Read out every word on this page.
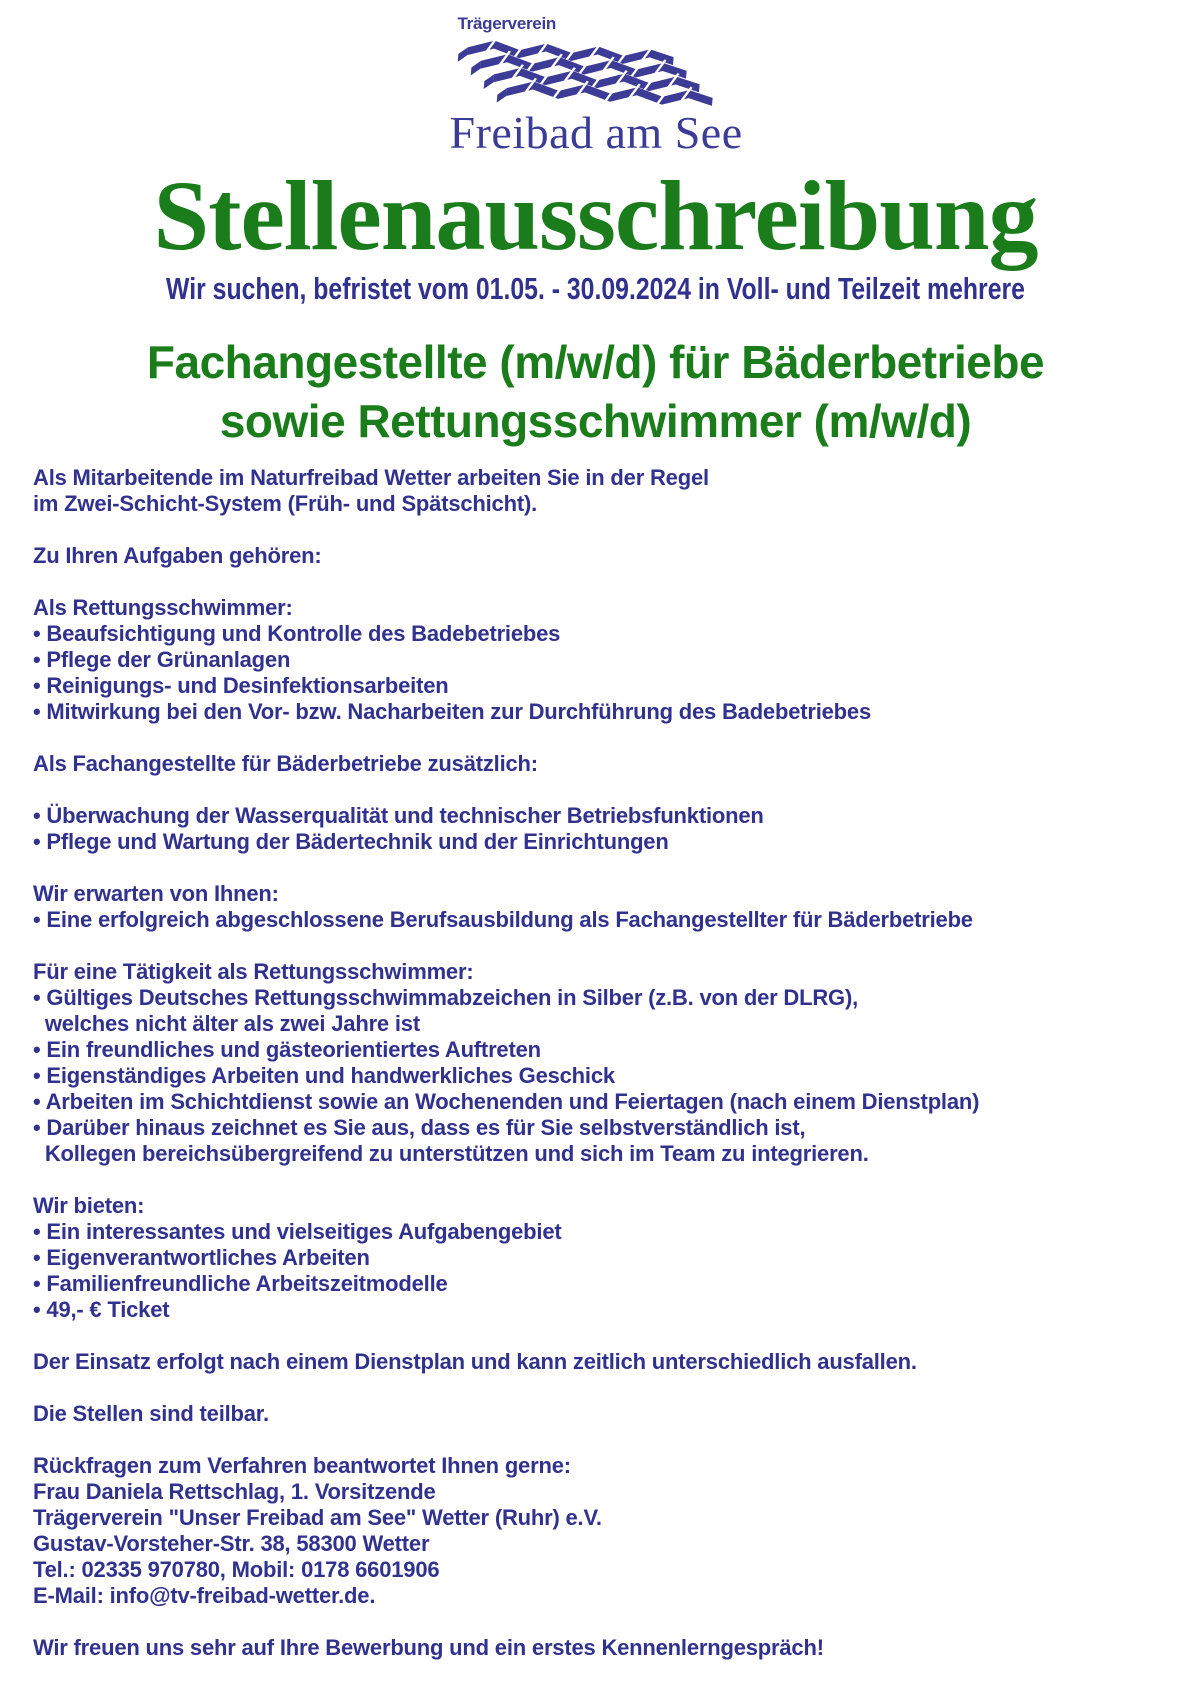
Trägerverein
Freibad am See
Stellenausschreibung
Wir suchen, befristet vom 01.05. - 30.09.2024 in Voll- und Teilzeit mehrere
Fachangestellte (m/w/d) für Bäderbetriebe
sowie Rettungsschwimmer (m/w/d)
Als Mitarbeitende im Naturfreibad Wetter arbeiten Sie in der Regel
im Zwei-Schicht-System (Früh- und Spätschicht).
Zu Ihren Aufgaben gehören:
Als Rettungsschwimmer:
• Beaufsichtigung und Kontrolle des Badebetriebes
• Pflege der Grünanlagen
• Reinigungs- und Desinfektionsarbeiten
• Mitwirkung bei den Vor- bzw. Nacharbeiten zur Durchführung des Badebetriebes
Als Fachangestellte für Bäderbetriebe zusätzlich:
• Überwachung der Wasserqualität und technischer Betriebsfunktionen
• Pflege und Wartung der Bädertechnik und der Einrichtungen
Wir erwarten von Ihnen:
• Eine erfolgreich abgeschlossene Berufsausbildung als Fachangestellter für Bäderbetriebe
Für eine Tätigkeit als Rettungsschwimmer:
• Gültiges Deutsches Rettungsschwimmabzeichen in Silber (z.B. von der DLRG),
welches nicht älter als zwei Jahre ist
• Ein freundliches und gästeorientiertes Auftreten
• Eigenständiges Arbeiten und handwerkliches Geschick
• Arbeiten im Schichtdienst sowie an Wochenenden und Feiertagen (nach einem Dienstplan)
• Darüber hinaus zeichnet es Sie aus, dass es für Sie selbstverständlich ist,
Kollegen bereichsübergreifend zu unterstützen und sich im Team zu integrieren.
Wir bieten:
• Ein interessantes und vielseitiges Aufgabengebiet
• Eigenverantwortliches Arbeiten
• Familienfreundliche Arbeitszeitmodelle
• 49,- € Ticket
Der Einsatz erfolgt nach einem Dienstplan und kann zeitlich unterschiedlich ausfallen.
Die Stellen sind teilbar.
Rückfragen zum Verfahren beantwortet Ihnen gerne:
Frau Daniela Rettschlag, 1. Vorsitzende
Trägerverein "Unser Freibad am See" Wetter (Ruhr) e.V.
Gustav-Vorsteher-Str. 38, 58300 Wetter
Tel.: 02335 970780, Mobil: 0178 6601906
E-Mail: info@tv-freibad-wetter.de.
Wir freuen uns sehr auf Ihre Bewerbung und ein erstes Kennenlerngespräch!
